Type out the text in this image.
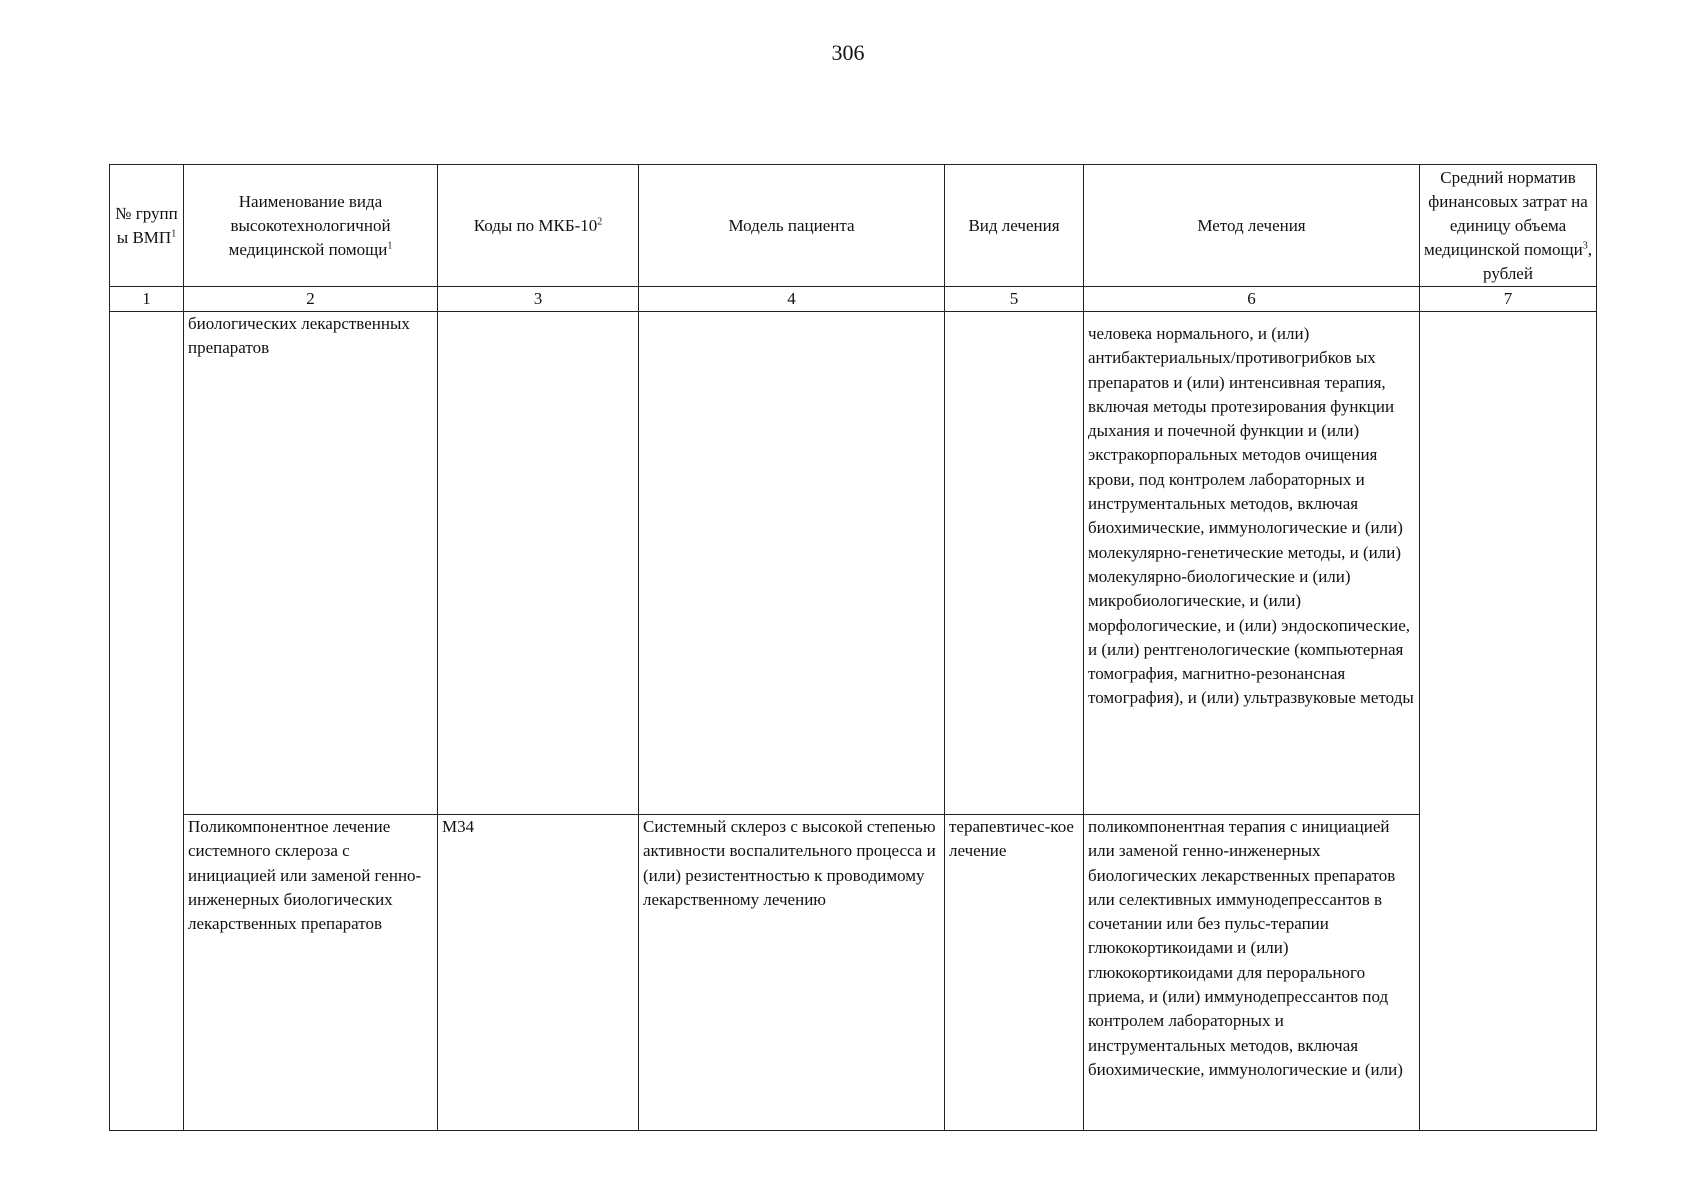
306
№ групп ы ВМП$^1$	Наименование вида высокотехнологичной медицинской помощи$^1$	Коды по МКБ-$10^2$	Модель пациента	Вид лечения	Метод лечения	Средний норматив финансовых затрат на единицу объема медицинской помощи$^3$, рублей
1	2	3	4	5	6	7
	биологических лекарственных препаратов				человека нормального, и (или) антибактериальных/противогрибков ых препаратов и (или) интенсивная терапия, включая методы протезирования функции дыхания и почечной функции и (или) экстракорпоральных методов очищения крови, под контролем лабораторных и инструментальных методов, включая биохимические, иммунологические и (или) молекулярно-генетические методы, и (или) молекулярно-биологические и (или) микробиологические, и (или) морфологические, и (или) эндоскопические, и (или) рентгенологические (компьютерная томография, магнитно-резонансная томография), и (или) ультразвуковые методы	
	Поликомпонентное лечение системного склероза с инициацией или заменой генно-инженерных биологических лекарственных препаратов	M34	Системный склероз с высокой степенью активности воспалительного процесса и (или) резистентностью к проводимому лекарственному лечению	терапевтичес-кое лечение	поликомпонентная терапия с инициацией или заменой генно-инженерных биологических лекарственных препаратов или селективных иммунодепрессантов в сочетании или без пульс-терапии глюкокортикоидами и (или) глюкокортикоидами для перорального приема, и (или) иммунодепрессантов под контролем лабораторных и инструментальных методов, включая биохимические, иммунологические и (или)	
